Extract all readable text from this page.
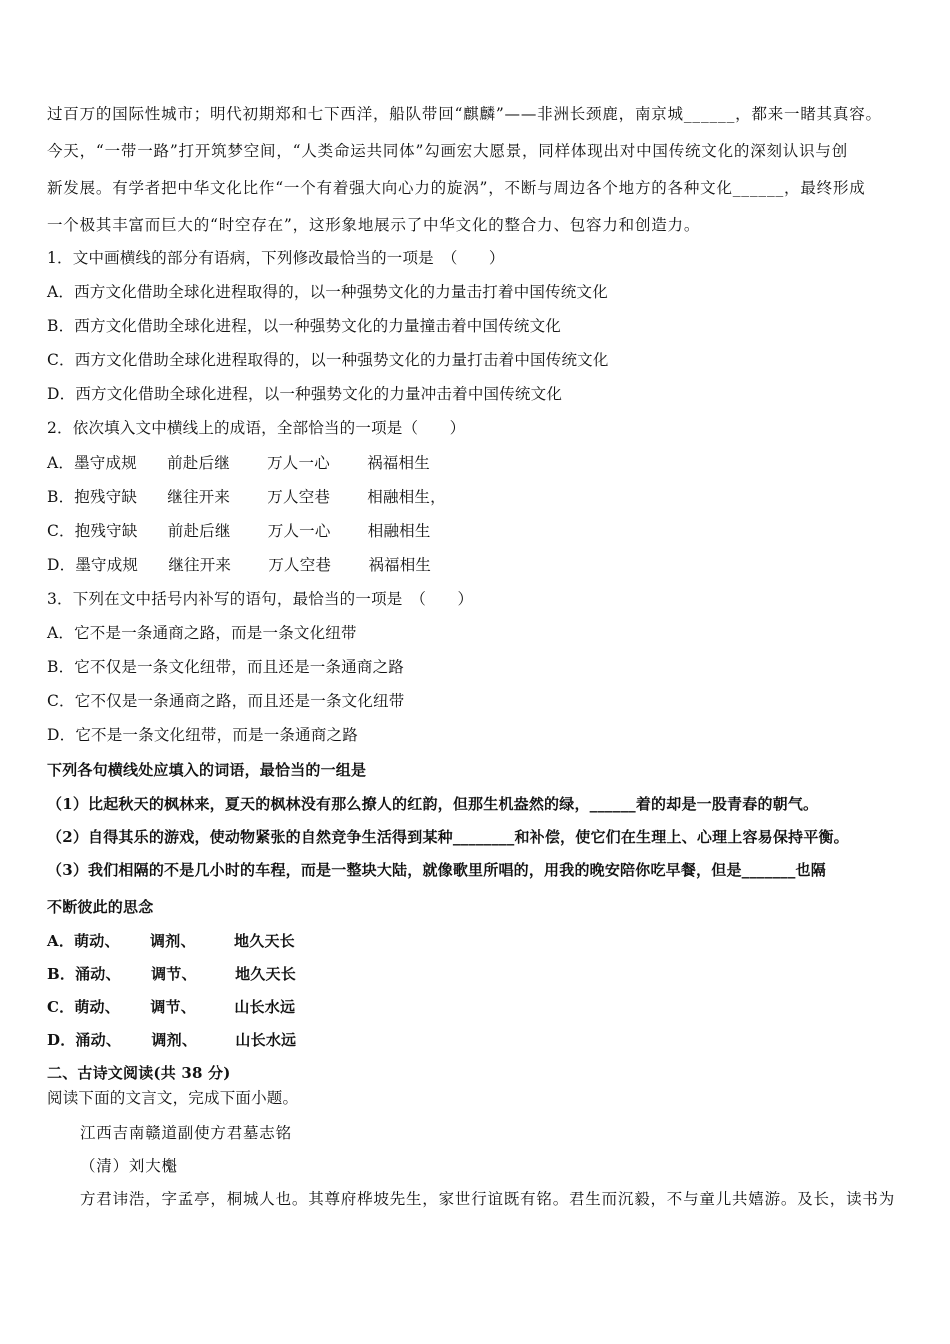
过百万的国际性城市；明代初期郑和七下西洋，船队带回“麒麟”——非洲长颈鹿，南京城______，都来一睹其真容。
今天，“一带一路”打开筑梦空间，“人类命运共同体”勾画宏大愿景，同样体现出对中国传统文化的深刻认识与创
新发展。有学者把中华文化比作“一个有着强大向心力的旋涡”，不断与周边各个地方的各种文化______，最终形成
一个极其丰富而巨大的“时空存在”，这形象地展示了中华文化的整合力、包容力和创造力。
1．文中画横线的部分有语病，下列修改最恰当的一项是　（　　）
A．西方文化借助全球化进程取得的，以一种强势文化的力量击打着中国传统文化
B．西方文化借助全球化进程，以一种强势文化的力量撞击着中国传统文化
C．西方文化借助全球化进程取得的，以一种强势文化的力量打击着中国传统文化
D．西方文化借助全球化进程，以一种强势文化的力量冲击着中国传统文化
2．依次填入文中横线上的成语，全部恰当的一项是（　　）
A．墨守成规 前赴后继 万人一心 祸福相生
B．抱残守缺 继往开来 万人空巷 相融相生，
C．抱残守缺 前赴后继 万人一心 相融相生
D．墨守成规 继往开来 万人空巷 祸福相生
3．下列在文中括号内补写的语句，最恰当的一项是　（　　）
A．它不是一条通商之路，而是一条文化纽带
B．它不仅是一条文化纽带，而且还是一条通商之路
C．它不仅是一条通商之路，而且还是一条文化纽带
D．它不是一条文化纽带，而是一条通商之路
下列各句横线处应填入的词语，最恰当的一组是
（1）比起秋天的枫林来，夏天的枫林没有那么撩人的红韵，但那生机盎然的绿，______着的却是一股青春的朝气。
（2）自得其乐的游戏，使动物紧张的自然竞争生活得到某种________和补偿，使它们在生理上、心理上容易保持平衡。
（3）我们相隔的不是几小时的车程，而是一整块大陆，就像歌里所唱的，用我的晚安陪你吃早餐，但是_______也隔
不断彼此的思念
A．萌动、 调剂、	地久天长
B．涌动、 调节、	地久天长
C．萌动、 调节、	山长水远
D．涌动、 调剂、	山长水远
二、古诗文阅读(共 38 分)
阅读下面的文言文，完成下面小题。
江西吉南赣道副使方君墓志铭
（清）刘大櫆
方君讳浩，字孟亭，桐城人也。其尊府桦坡先生，家世行谊既有铭。君生而沉毅，不与童儿共嬉游。及长，读书为
